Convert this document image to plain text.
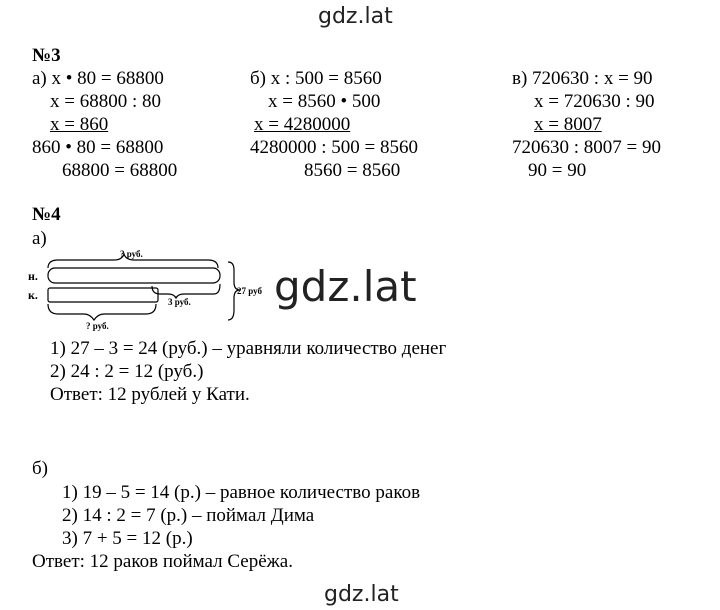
gdz.lat
№3
а) x • 80 = 68800
x = 68800 : 80
x = 860
860 • 80 = 68800
68800 = 68800
б) x : 500 = 8560
x = 8560 • 500
x = 4280000
4280000 : 500 = 8560
8560 = 8560
в) 720630 : x = 90
x = 720630 : 90
x = 8007
720630 : 8007 = 90
90 = 90
№4
а)
? руб.
н.
к.	3 руб.
27 руб
? руб.
gdz.lat
1) 27 – 3 = 24 (руб.) – уравняли количество денег
2) 24 : 2 = 12 (руб.)
Ответ: 12 рублей у Кати.
б)
1) 19 – 5 = 14 (р.) – равное количество раков
2) 14 : 2 = 7 (р.) – поймал Дима
3) 7 + 5 = 12 (р.)
Ответ: 12 раков поймал Серёжа.
gdz.lat
